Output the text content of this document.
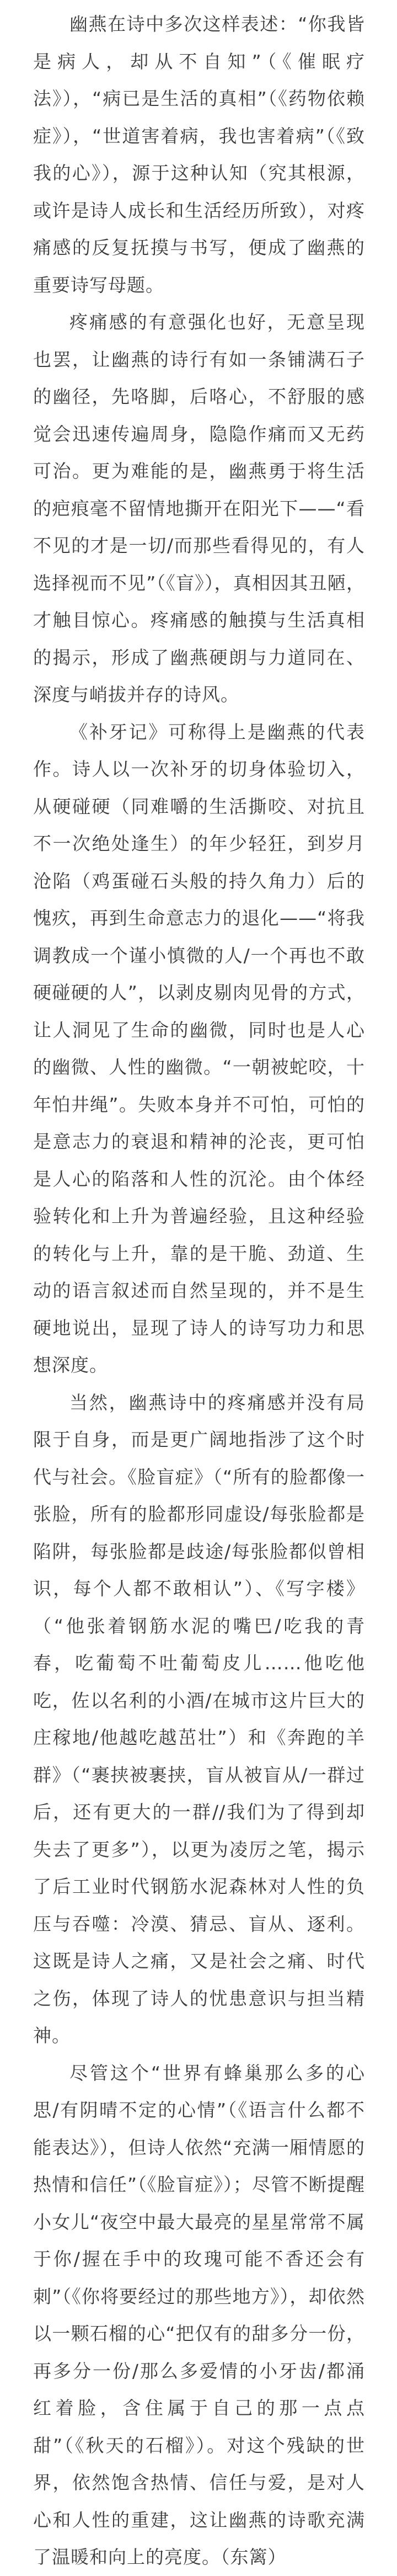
幽燕在诗中多次这样表述：“你我皆是病人，却从不自知”（《催眠疗法》），“病已是生活的真相”（《药物依赖症》），“世道害着病，我也害着病”（《致我的心》），源于这种认知（究其根源，或许是诗人成长和生活经历所致），对疼痛感的反复抚摸与书写，便成了幽燕的重要诗写母题。

疼痛感的有意强化也好，无意呈现也罢，让幽燕的诗行有如一条铺满石子的幽径，先咯脚，后咯心，不舒服的感觉会迅速传遍周身，隐隐作痛而又无药可治。更为难能的是，幽燕勇于将生活的疤痕毫不留情地撕开在阳光下——“看不见的才是一切/而那些看得见的，有人选择视而不见”（《盲》），真相因其丑陋，才触目惊心。疼痛感的触摸与生活真相的揭示，形成了幽燕硬朗与力道同在、深度与峭拔并存的诗风。

《补牙记》可称得上是幽燕的代表作。诗人以一次补牙的切身体验切入，从硬碰硬（同难嚼的生活撕咬、对抗且不一次绝处逢生）的年少轻狂，到岁月沧陷（鸡蛋碰石头般的持久角力）后的愧疚，再到生命意志力的退化——“将我调教成一个谨小慎微的人/一个再也不敢硬碰硬的人”，以剥皮剔肉见骨的方式，让人洞见了生命的幽微，同时也是人心的幽微、人性的幽微。“一朝被蛇咬，十年怕井绳”。失败本身并不可怕，可怕的是意志力的衰退和精神的沦丧，更可怕是人心的陷落和人性的沉沦。由个体经验转化和上升为普遍经验，且这种经验的转化与上升，靠的是干脆、劲道、生动的语言叙述而自然呈现的，并不是生硬地说出，显现了诗人的诗写功力和思想深度。

当然，幽燕诗中的疼痛感并没有局限于自身，而是更广阔地指涉了这个时代与社会。《脸盲症》（“所有的脸都像一张脸，所有的脸都形同虚设/每张脸都是陷阱，每张脸都是歧途/每张脸都似曾相识，每个人都不敢相认”）、《写字楼》（“他张着钢筋水泥的嘴巴/吃我的青春，吃葡萄不吐葡萄皮儿……他吃他吃，佐以名利的小酒/在城市这片巨大的庄稼地/他越吃越茁壮”）和《奔跑的羊群》（“裹挟被裹挟，盲从被盲从/一群过后，还有更大的一群//我们为了得到却失去了更多”），以更为凌厉之笔，揭示了后工业时代钢筋水泥森林对人性的负压与吞噬：冷漠、猜忌、盲从、逐利。这既是诗人之痛，又是社会之痛、时代之伤，体现了诗人的忧患意识与担当精神。

尽管这个“世界有蜂巢那么多的心思/有阴晴不定的心情”（《语言什么都不能表达》），但诗人依然“充满一厢情愿的热情和信任”（《脸盲症》）；尽管不断提醒小女儿“夜空中最大最亮的星星常常不属于你/握在手中的玫瑰可能不香还会有刺”（《你将要经过的那些地方》），却依然以一颗石榴的心“把仅有的甜多分一份，再多分一份/那么多爱情的小牙齿/都涌红着脸，含住属于自己的那一点点甜”（《秋天的石榴》）。对这个残缺的世界，依然饱含热情、信任与爱，是对人心和人性的重建，这让幽燕的诗歌充满了温暖和向上的亮度。（东篱）
